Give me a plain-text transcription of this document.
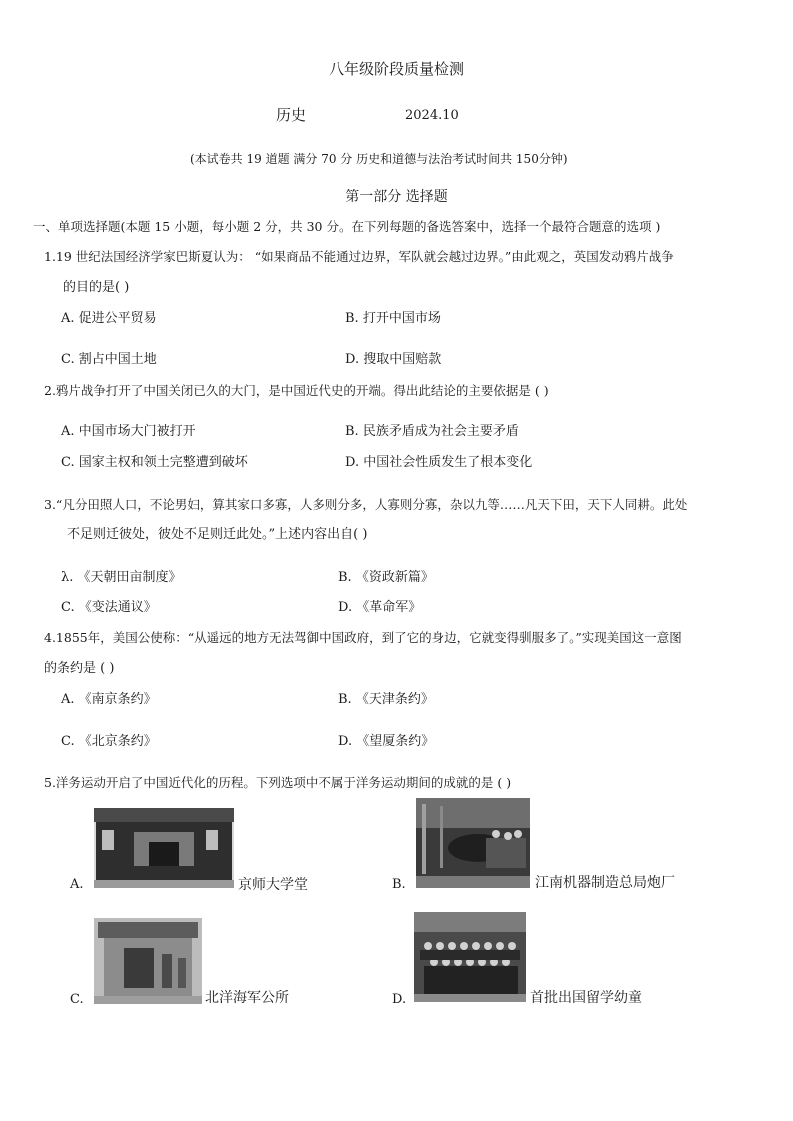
八年级阶段质量检测
历史	2024.10
(本试卷共 19 道题 满分 70 分 历史和道德与法治考试时间共 150分钟)
第一部分 选择题
一、单项选择题(本题 15 小题，每小题 2 分，共 30 分。在下列每题的备选答案中，选择一个最符合题意的选项 )
1.19 世纪法国经济学家巴斯夏认为： “如果商品不能通过边界，军队就会越过边界。”由此观之，英国发动鸦片战争
的目的是( )
A. 促进公平贸易	B. 打开中国市场
C. 割占中国土地	D. 搜取中国赔款
2.鸦片战争打开了中国关闭已久的大门，是中国近代史的开端。得出此结论的主要依据是 ( )
A. 中国市场大门被打开	B. 民族矛盾成为社会主要矛盾
C. 国家主权和领土完整遭到破坏	D. 中国社会性质发生了根本变化
3.“凡分田照人口，不论男妇，算其家口多寡，人多则分多，人寡则分寡，杂以九等……凡天下田，天下人同耕。此处
不足则迁彼处，彼处不足则迁此处。”上述内容出自( )
λ. 《天朝田亩制度》	B. 《资政新篇》
C. 《变法通议》	D. 《革命军》
4.1855年，美国公使称：“从遥远的地方无法驾御中国政府，到了它的身边，它就变得驯服多了。”实现美国这一意图
的条约是 ( )
A. 《南京条约》	B. 《天津条约》
C. 《北京条约》	D. 《望厦条约》
5.洋务运动开启了中国近代化的历程。下列选项中不属于洋务运动期间的成就的是 ( )
A.	京师大学堂	B.	江南机器制造总局炮厂
C.	北洋海军公所	D.	首批出国留学幼童
